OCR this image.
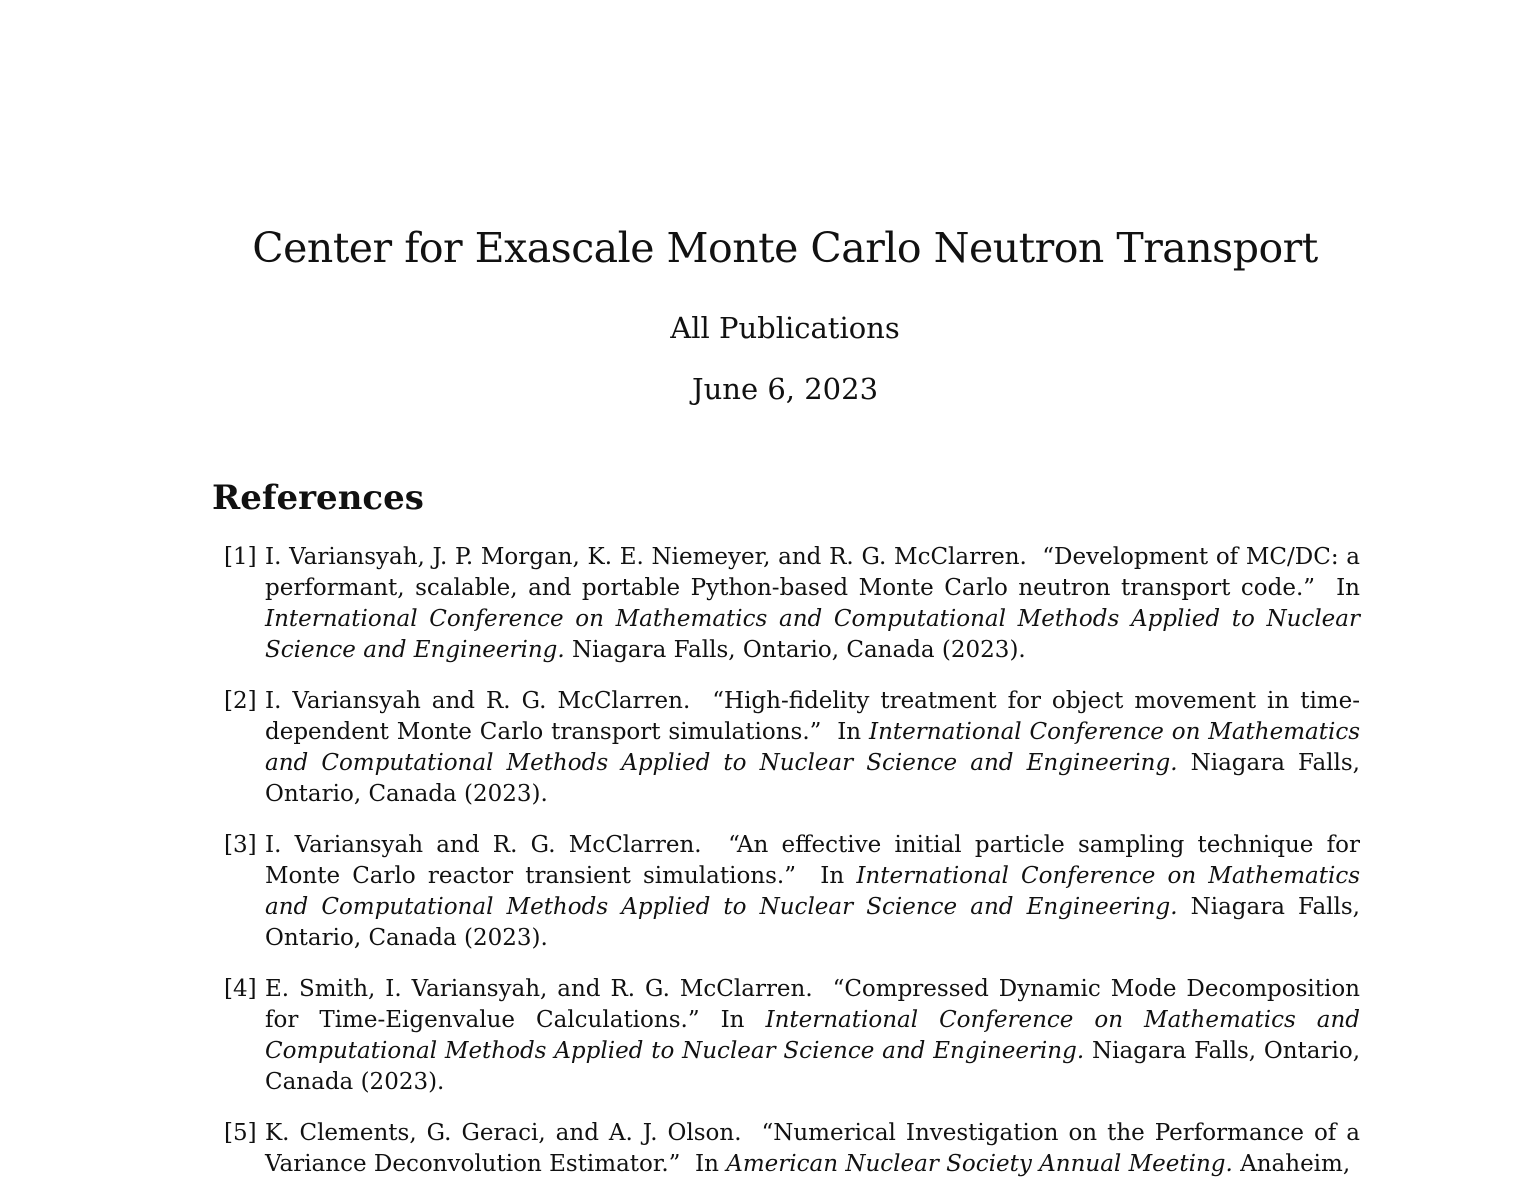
Center for Exascale Monte Carlo Neutron Transport
All Publications
June 6, 2023
References
[1] I. Variansyah, J. P. Morgan, K. E. Niemeyer, and R. G. McClarren. “Development of MC/DC: a performant, scalable, and portable Python-based Monte Carlo neutron transport code.” In International Conference on Mathematics and Computational Methods Applied to Nuclear Science and Engineering. Niagara Falls, Ontario, Canada (2023).
[2] I. Variansyah and R. G. McClarren. “High-fidelity treatment for object movement in time-dependent Monte Carlo transport simulations.” In International Conference on Mathematics and Computational Methods Applied to Nuclear Science and Engineering. Niagara Falls, Ontario, Canada (2023).
[3] I. Variansyah and R. G. McClarren. “An effective initial particle sampling technique for Monte Carlo reactor transient simulations.” In International Conference on Mathematics and Computational Methods Applied to Nuclear Science and Engineering. Niagara Falls, Ontario, Canada (2023).
[4] E. Smith, I. Variansyah, and R. G. McClarren. “Compressed Dynamic Mode Decomposition for Time-Eigenvalue Calculations.” In International Conference on Mathematics and Computational Methods Applied to Nuclear Science and Engineering. Niagara Falls, Ontario, Canada (2023).
[5] K. Clements, G. Geraci, and A. J. Olson. “Numerical Investigation on the Performance of a Variance Deconvolution Estimator.” In American Nuclear Society Annual Meeting. Anaheim,
